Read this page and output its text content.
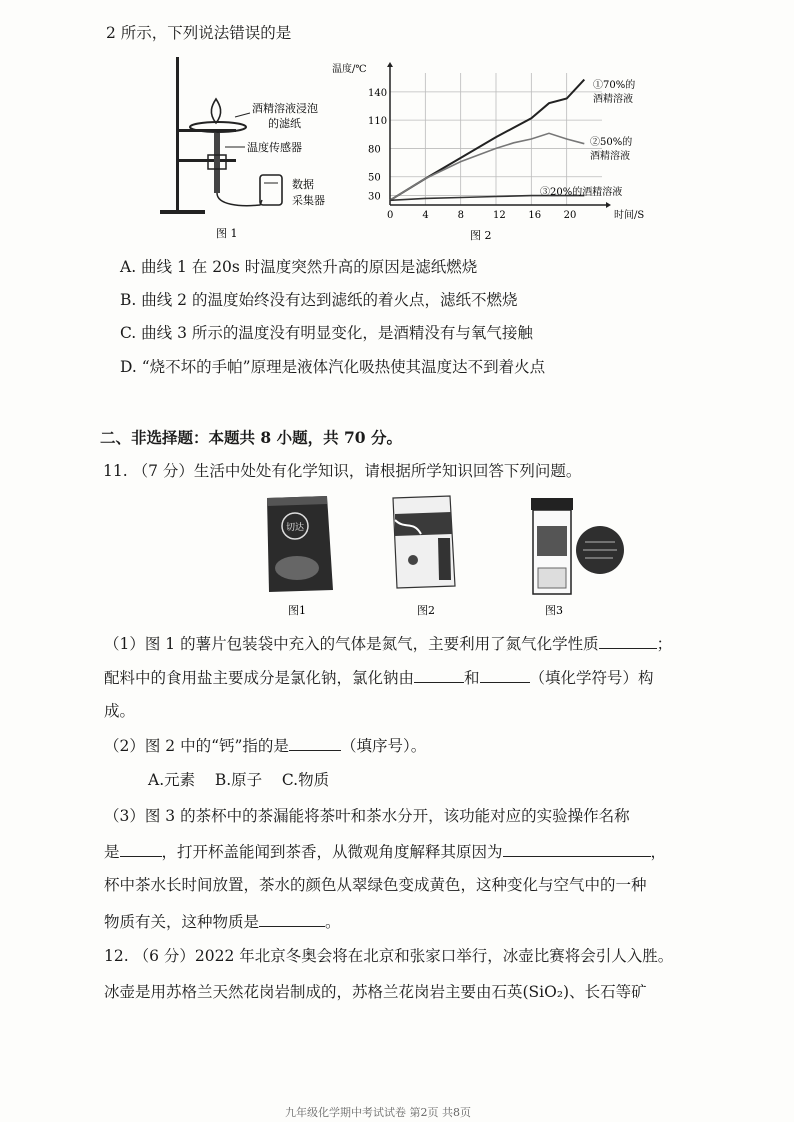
2 所示，下列说法错误的是
酒精溶液浸泡
的滤纸
温度传感器
数据
采集器
图 1
0	4	8	12 16 20
30
50
80
110
140
温度/℃
时间/S
①70%的
酒精溶液
②50%的
酒精溶液
③20%的酒精溶液
图 2
A. 曲线 1 在 20s 时温度突然升高的原因是滤纸燃烧
B. 曲线 2 的温度始终没有达到滤纸的着火点，滤纸不燃烧
C. 曲线 3 所示的温度没有明显变化，是酒精没有与氧气接触
D. “烧不坏的手帕”原理是液体汽化吸热使其温度达不到着火点
二、非选择题：本题共 8 小题，共 70 分。
11. （7 分）生活中处处有化学知识，请根据所学知识回答下列问题。
切达
图1	图2	图3
（1）图 1 的薯片包装袋中充入的气体是氮气，主要利用了氮气化学性质	；
配料中的食用盐主要成分是氯化钠，氯化钠由	和	（填化学符号）构
成。
（2）图 2 中的“钙”指的是	（填序号）。
A.元素    B.原子    C.物质
（3）图 3 的茶杯中的茶漏能将茶叶和茶水分开，该功能对应的实验操作名称
是	，打开杯盖能闻到茶香，从微观角度解释其原因为	，
杯中茶水长时间放置，茶水的颜色从翠绿色变成黄色，这种变化与空气中的一种
物质有关，这种物质是	。
12. （6 分）2022 年北京冬奥会将在北京和张家口举行，冰壶比赛将会引人入胜。
冰壶是用苏格兰天然花岗岩制成的，苏格兰花岗岩主要由石英(SiO₂)、长石等矿
九年级化学期中考试试卷 第2页 共8页
